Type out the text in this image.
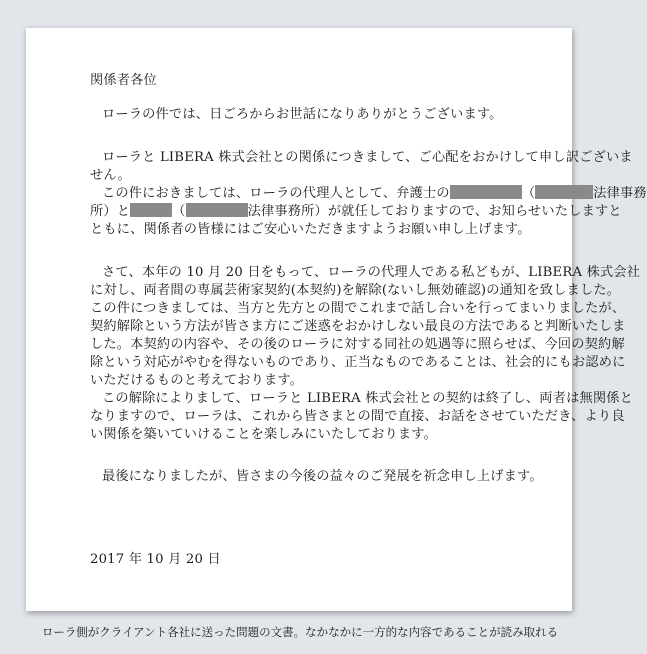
関係者各位
ローラの件では、日ごろからお世話になりありがとうございます。
ローラと LIBERA 株式会社との関係につきまして、ご心配をおかけして申し訳ございま
せん。
この件におきましては、ローラの代理人として、弁護士の	（	法律事務
所）と	（	法律事務所）が就任しておりますので、お知らせいたしますと
ともに、関係者の皆様にはご安心いただきますようお願い申し上げます。
さて、本年の 10 月 20 日をもって、ローラの代理人である私どもが、LIBERA 株式会社
に対し、両者間の専属芸術家契約(本契約)を解除(ないし無効確認)の通知を致しました。
この件につきましては、当方と先方との間でこれまで話し合いを行ってまいりましたが、
契約解除という方法が皆さま方にご迷惑をおかけしない最良の方法であると判断いたしま
した。本契約の内容や、その後のローラに対する同社の処遇等に照らせば、今回の契約解
除という対応がやむを得ないものであり、正当なものであることは、社会的にもお認めに
いただけるものと考えております。
この解除によりまして、ローラと LIBERA 株式会社との契約は終了し、両者は無関係と
なりますので、ローラは、これから皆さまとの間で直接、お話をさせていただき、より良
い関係を築いていけることを楽しみにいたしております。
最後になりましたが、皆さまの今後の益々のご発展を祈念申し上げます。
2017 年 10 月 20 日
ローラ側がクライアント各社に送った問題の文書。なかなかに一方的な内容であることが読み取れる
